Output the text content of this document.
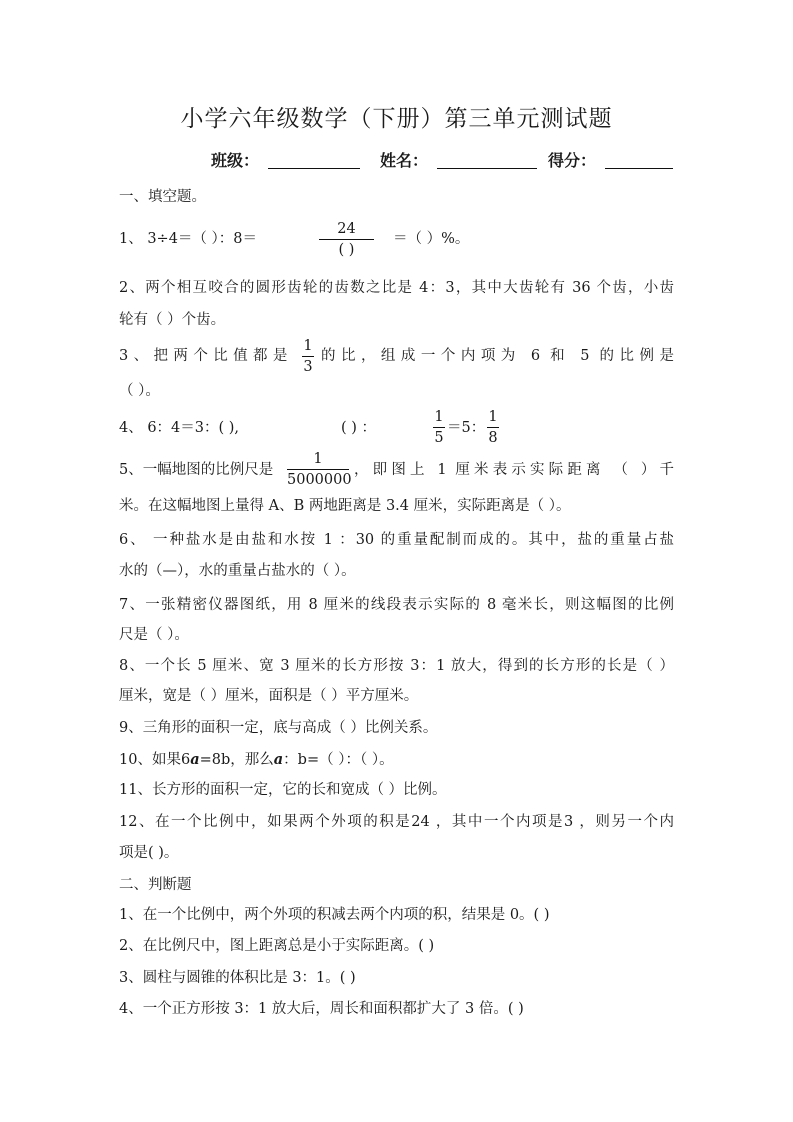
小学六年级数学（下册）第三单元测试题
班级：	姓名：	得分：
一、填空题。
1、 3÷4＝（ ）：8＝
24
( )
＝（ ）%。
2、两个相互咬合的圆形齿轮的齿数之比是 4：3，其中大齿轮有 36 个齿，小齿
轮有（ ）个齿。
3、把两个比值都是
1
3
的比，组成一个内项为 6 和 5 的比例是
（ ）。
4、 6：4＝3：( ),	( ) ：
1
5
＝5：
1
8
5、一幅地图的比例尺是
1
5000000
，即图上 1 厘米表示实际距离 （ ）千
米。在这幅地图上量得 A、B 两地距离是 3.4 厘米，实际距离是（ ）。
6、 一种盐水是由盐和水按 1 ：30 的重量配制而成的。其中，盐的重量占盐
水的（—），水的重量占盐水的（ ）。
7、一张精密仪器图纸，用 8 厘米的线段表示实际的 8 毫米长，则这幅图的比例
尺是（ ）。
8、一个长 5 厘米、宽 3 厘米的长方形按 3：1 放大，得到的长方形的长是（ ）
厘米，宽是（ ）厘米，面积是（ ）平方厘米。
9、三角形的面积一定，底与高成（ ）比例关系。
10、如果6a=8b，那么a：b=（ ）：（ ）。
11、长方形的面积一定，它的长和宽成（ ）比例。
12、在一个比例中，如果两个外项的积是24 ，其中一个内项是3 ，则另一个内
项是( )。
二、判断题
1、在一个比例中，两个外项的积减去两个内项的积，结果是 0。( )
2、在比例尺中，图上距离总是小于实际距离。( )
3、圆柱与圆锥的体积比是 3：1。( )
4、一个正方形按 3：1 放大后，周长和面积都扩大了 3 倍。( )
